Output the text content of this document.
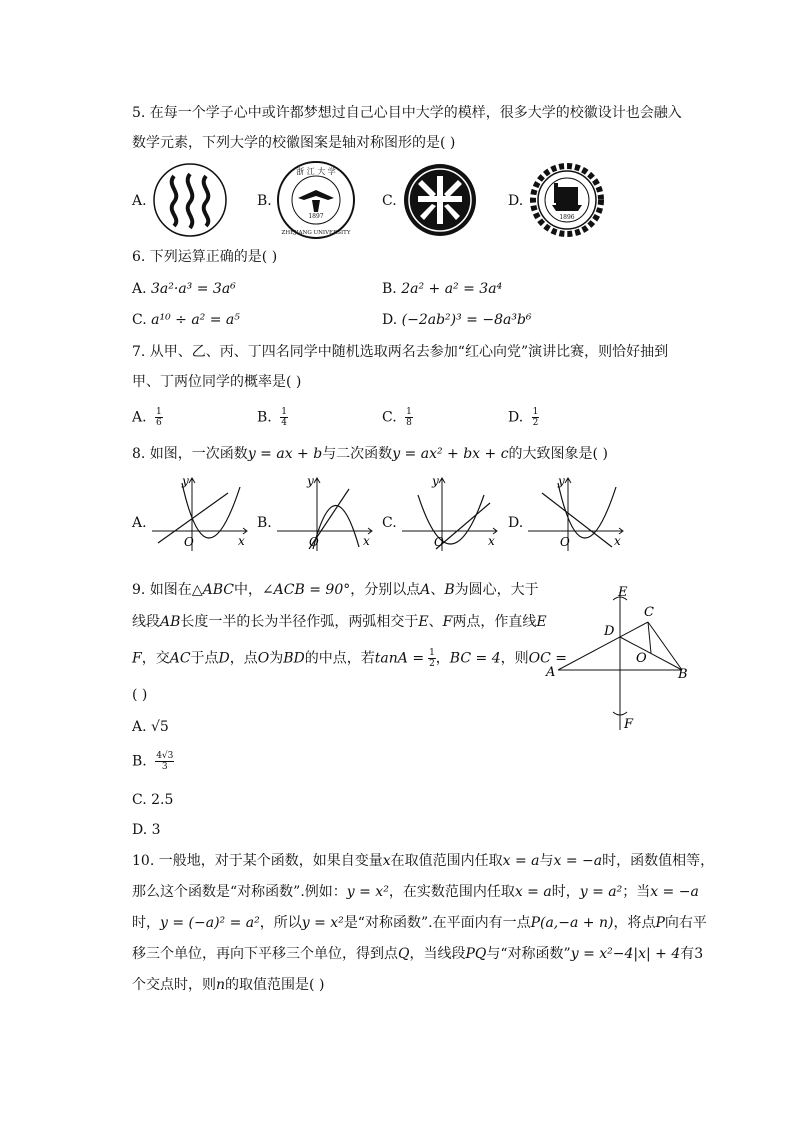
5. 在每一个学子心中或许都梦想过自己心目中大学的模样，很多大学的校徽设计也会融入
数学元素，下列大学的校徽图案是轴对称图形的是( )
A.	B.
1897
浙 江 大 学
ZHEJIANG UNIVERSITY
C.	D.
1896
6. 下列运算正确的是( )
A. 3a²·a³ = 3a⁶	B. 2a² + a² = 3a⁴
C. a¹⁰ ÷ a² = a⁵	D. (−2ab²)³ = −8a³b⁶
7. 从甲、乙、丙、丁四名同学中随机选取两名去参加“红心向党”演讲比赛，则恰好抽到
甲、丁两位同学的概率是( )
A. $\frac{1}{6}$	B. $\frac{1}{4}$	C. $\frac{1}{8}$	D. $\frac{1}{2}$
8. 如图，一次函数y = ax + b与二次函数y = ax² + bx + c的大致图象是( )
A.
y
x
O
B.
y
x
O
C.
y
x
O
D.
y
x
O
9. 如图在△ABC中，∠ACB = 90°，分别以点A、B为圆心，大于
线段AB长度一半的长为半径作弧，两弧相交于E、F两点，作直线E
F，交AC于点D，点O为BD的中点，若$\tan A = \frac{1}{2}$ ，BC = 4，则OC =
( )
A. √5
B. $\frac{4√3}{3}$
C. 2.5
D. 3
E
C
D
O
A	B
F
10. 一般地，对于某个函数，如果自变量x在取值范围内任取x = a与x = −a时，函数值相等，
那么这个函数是“对称函数”.例如：y = x²，在实数范围内任取x = a时，y = a²；当x = −a
时，y = (−a)² = a²，所以y = x²是“对称函数”.在平面内有一点P(a,−a + n)，将点P向右平
移三个单位，再向下平移三个单位，得到点Q，当线段PQ与“对称函数”y = x²−4|x| + 4有3
个交点时，则n的取值范围是( )
